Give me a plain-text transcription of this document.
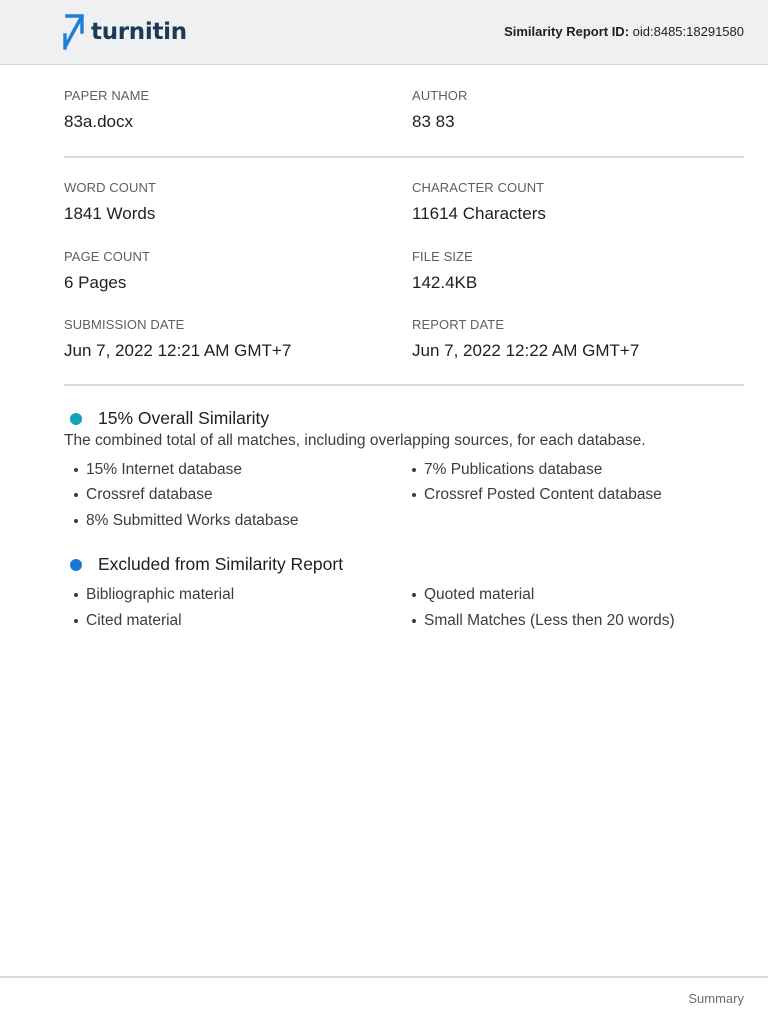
turnitin	Similarity Report ID: oid:8485:18291580
PAPER NAME
83a.docx
AUTHOR
83 83
WORD COUNT
1841 Words
CHARACTER COUNT
11614 Characters
PAGE COUNT
6 Pages
FILE SIZE
142.4KB
SUBMISSION DATE
Jun 7, 2022 12:21 AM GMT+7
REPORT DATE
Jun 7, 2022 12:22 AM GMT+7
15% Overall Similarity
The combined total of all matches, including overlapping sources, for each database.
15% Internet database
Crossref database
8% Submitted Works database
7% Publications database
Crossref Posted Content database
Excluded from Similarity Report
Bibliographic material
Cited material
Quoted material
Small Matches (Less then 20 words)
Summary
